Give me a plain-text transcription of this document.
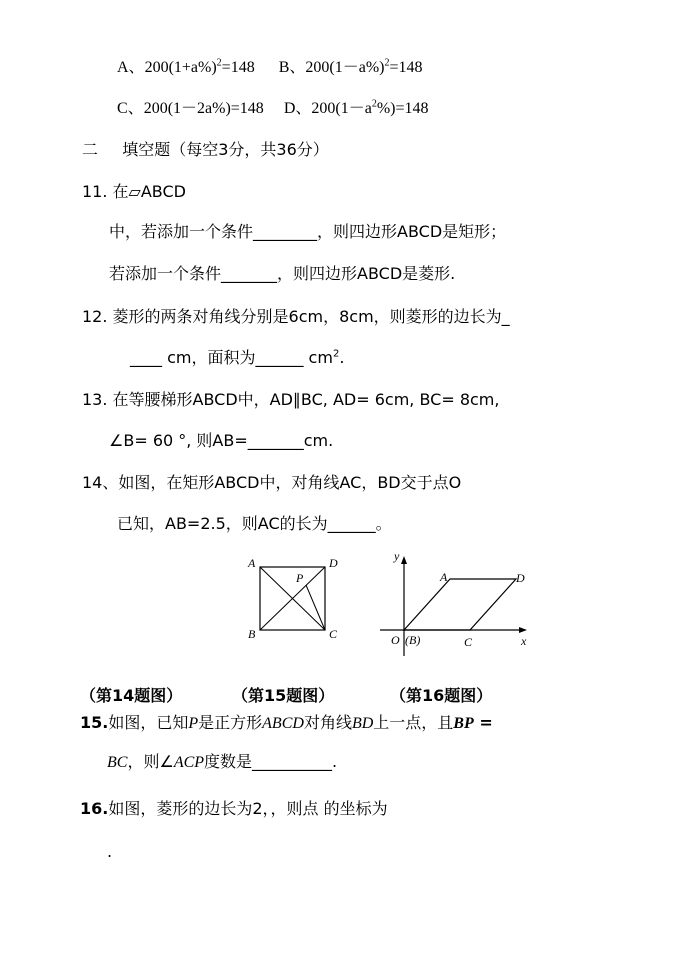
A、$200(1+a\%)^2=148$ B、$200(1-a\%)^2=148$
C、200(1－2a%)=148 D、$200(1-a^2\%)=148$
二 填空题（每空3分，共36分）
11. 在▱ABCD
中，若添加一个条件________，则四边形ABCD是矩形；
若添加一个条件_______，则四边形ABCD是菱形.
12. 菱形的两条对角线分别是6cm，8cm，则菱形的边长为_
____ cm，面积为______ $cm^2$.
13. 在等腰梯形ABCD中，AD∥BC, AD= 6cm, BC= 8cm,
∠B= 60 °, 则AB=_______cm.
14、如图，在矩形ABCD中，对角线AC，BD交于点O
已知，AB=2.5，则AC的长为______。
A	D
B	C
P
y
x
A	D
O (B)	C
（第14题图）	（第15题图）	（第16题图）
15.如图，已知P是正方形ABCD对角线BD上一点，且BP =
BC，则∠ACP度数是__________.
16.如图，菱形的边长为2，，则点 的坐标为
.
